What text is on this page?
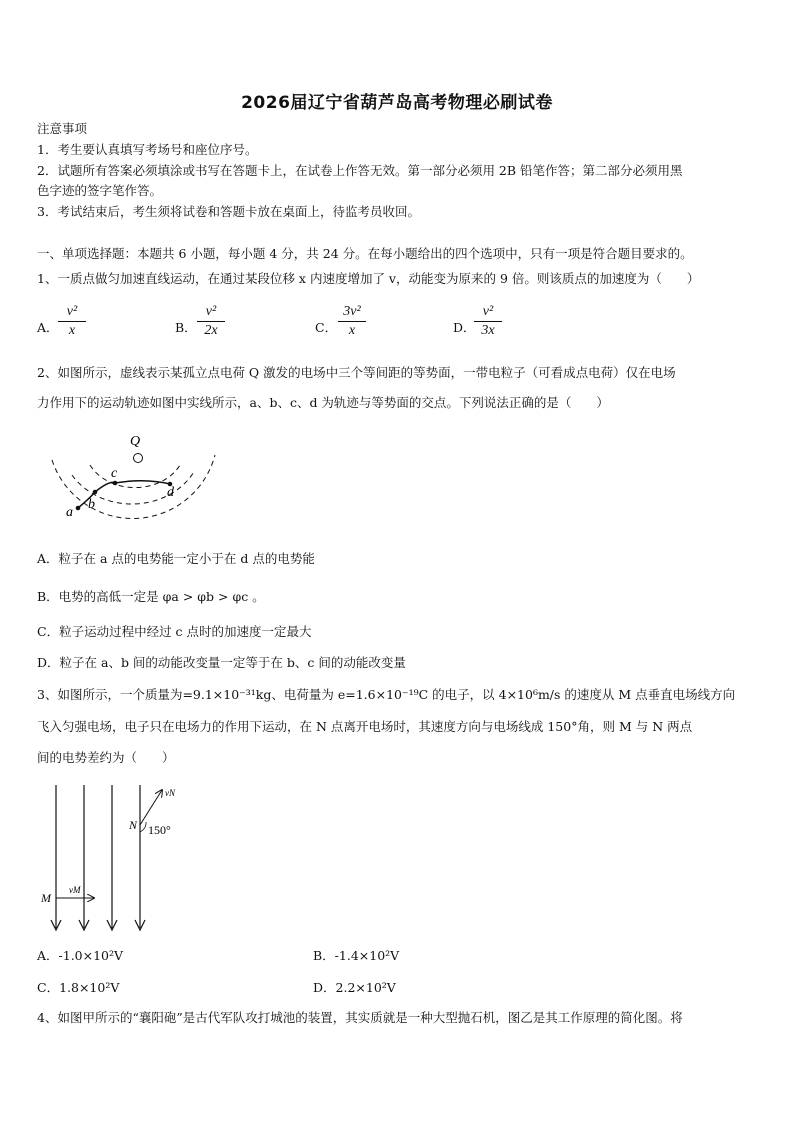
2026届辽宁省葫芦岛高考物理必刷试卷
注意事项
1．考生要认真填写考场号和座位序号。
2．试题所有答案必须填涂或书写在答题卡上，在试卷上作答无效。第一部分必须用 2B 铅笔作答；第二部分必须用黑
色字迹的签字笔作答。
3．考试结束后，考生须将试卷和答题卡放在桌面上，待监考员收回。
一、单项选择题：本题共 6 小题，每小题 4 分，共 24 分。在每小题给出的四个选项中，只有一项是符合题目要求的。
1、一质点做匀加速直线运动，在通过某段位移 x 内速度增加了 v，动能变为原来的 9 倍。则该质点的加速度为（　　）
A．
v²
x	B．
v²
2x	C．
3v²
x	D．
v²
3x
2、如图所示，虚线表示某孤立点电荷 Q 激发的电场中三个等间距的等势面，一带电粒子（可看成点电荷）仅在电场
力作用下的运动轨迹如图中实线所示，a、b、c、d 为轨迹与等势面的交点。下列说法正确的是（　　）
Q
a
b
c
d
A．粒子在 a 点的电势能一定小于在 d 点的电势能
B．电势的高低一定是 φa > φb > φc 。
C．粒子运动过程中经过 c 点时的加速度一定最大
D．粒子在 a、b 间的动能改变量一定等于在 b、c 间的动能改变量
3、如图所示，一个质量为=9.1×10⁻³¹kg、电荷量为 e=1.6×10⁻¹⁹C 的电子，以 4×10⁶m/s 的速度从 M 点垂直电场线方向
飞入匀强电场，电子只在电场力的作用下运动，在 N 点离开电场时，其速度方向与电场线成 150°角，则 M 与 N 两点
间的电势差约为（　　）
M
vM
vN
N 150°
A．-1.0×10²V	B．-1.4×10²V
C．1.8×10²V	D．2.2×10²V
4、如图甲所示的“襄阳砲”是古代军队攻打城池的装置，其实质就是一种大型抛石机，图乙是其工作原理的简化图。将
